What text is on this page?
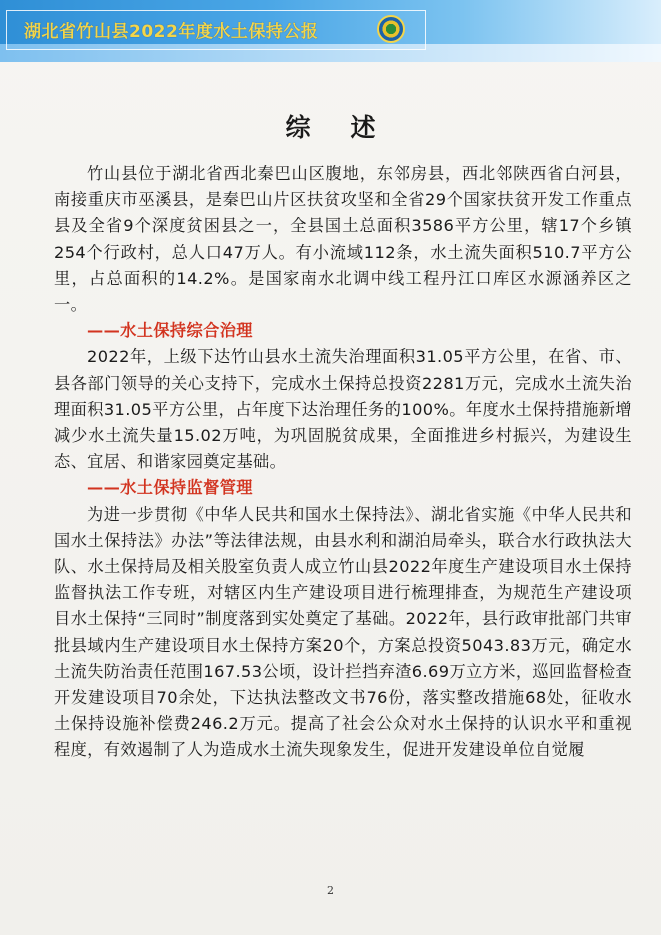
湖北省竹山县2022年度水土保持公报
综述

竹山县位于湖北省西北秦巴山区腹地，东邻房县，西北邻陕西省白河县，南接重庆市巫溪县，是秦巴山片区扶贫攻坚和全省29个国家扶贫开发工作重点县及全省9个深度贫困县之一，全县国土总面积3586平方公里，辖17个乡镇254个行政村，总人口47万人。有小流域112条，水土流失面积510.7平方公里，占总面积的14.2%。是国家南水北调中线工程丹江口库区水源涵养区之一。

——水土保持综合治理

2022年，上级下达竹山县水土流失治理面积31.05平方公里，在省、市、县各部门领导的关心支持下，完成水土保持总投资2281万元，完成水土流失治理面积31.05平方公里，占年度下达治理任务的100%。年度水土保持措施新增减少水土流失量15.02万吨，为巩固脱贫成果，全面推进乡村振兴，为建设生态、宜居、和谐家园奠定基础。

——水土保持监督管理

为进一步贯彻《中华人民共和国水土保持法》、湖北省实施《中华人民共和国水土保持法》办法”等法律法规，由县水利和湖泊局牵头，联合水行政执法大队、水土保持局及相关股室负责人成立竹山县2022年度生产建设项目水土保持监督执法工作专班，对辖区内生产建设项目进行梳理排查，为规范生产建设项目水土保持“三同时”制度落到实处奠定了基础。2022年，县行政审批部门共审批县域内生产建设项目水土保持方案20个，方案总投资5043.83万元，确定水土流失防治责任范围167.53公顷，设计拦挡弃渣6.69万立方米，巡回监督检查开发建设项目70余处，下达执法整改文书76份，落实整改措施68处，征收水土保持设施补偿费246.2万元。提高了社会公众对水土保持的认识水平和重视程度，有效遏制了人为造成水土流失现象发生，促进开发建设单位自觉履

2
